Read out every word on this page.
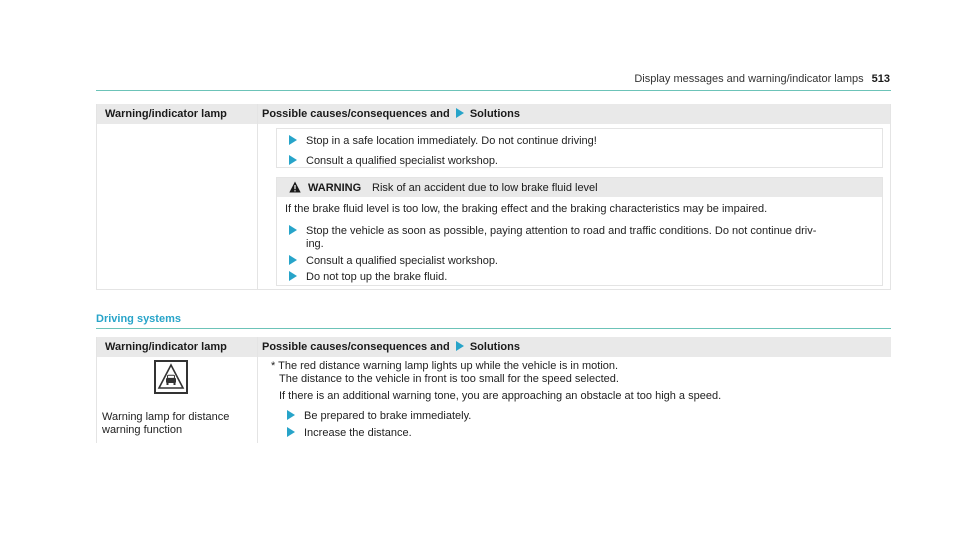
Display messages and warning/indicator lamps 513
Warning/indicator lamp	Possible causes/consequences and Solutions
Stop in a safe location immediately. Do not continue driving!
Consult a qualified specialist workshop.
WARNING Risk of an accident due to low brake fluid level
If the brake fluid level is too low, the braking effect and the braking characteristics may be impaired.
Stop the vehicle as soon as possible, paying attention to road and traffic conditions. Do not continue driv-
ing.
Consult a qualified specialist workshop.
Do not top up the brake fluid.
Driving systems
Warning/indicator lamp	Possible causes/consequences and Solutions
Warning lamp for distance
warning function
* The red distance warning lamp lights up while the vehicle is in motion.
The distance to the vehicle in front is too small for the speed selected.
If there is an additional warning tone, you are approaching an obstacle at too high a speed.
Be prepared to brake immediately.
Increase the distance.
